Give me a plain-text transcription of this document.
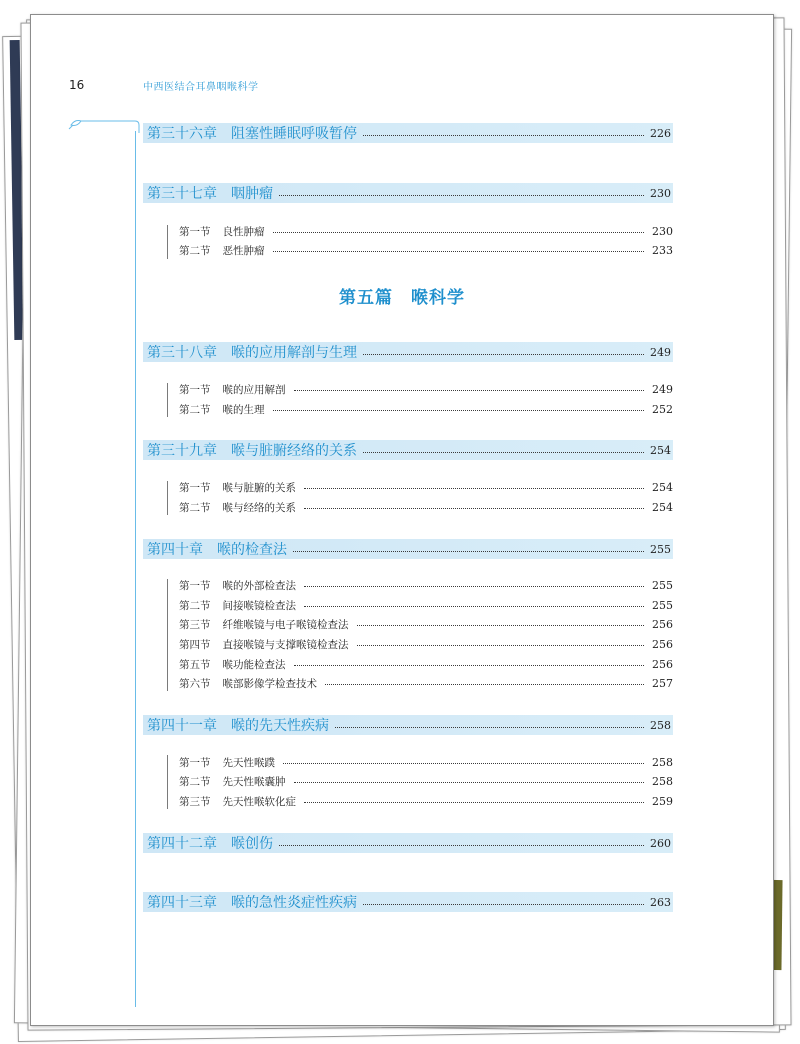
16	中西医结合耳鼻咽喉科学
第三十六章 阻塞性睡眠呼吸暂停	226
第三十七章 咽肿瘤	230
第一节 良性肿瘤	230
第二节 恶性肿瘤	233
第五篇　喉科学
第三十八章 喉的应用解剖与生理	249
第一节 喉的应用解剖	249
第二节 喉的生理	252
第三十九章 喉与脏腑经络的关系	254
第一节 喉与脏腑的关系	254
第二节 喉与经络的关系	254
第四十章 喉的检查法	255
第一节 喉的外部检查法	255
第二节 间接喉镜检查法	255
第三节 纤维喉镜与电子喉镜检查法	256
第四节 直接喉镜与支撑喉镜检查法	256
第五节 喉功能检查法	256
第六节 喉部影像学检查技术	257
第四十一章 喉的先天性疾病	258
第一节 先天性喉蹼	258
第二节 先天性喉囊肿	258
第三节 先天性喉软化症	259
第四十二章 喉创伤	260
第四十三章 喉的急性炎症性疾病	263
